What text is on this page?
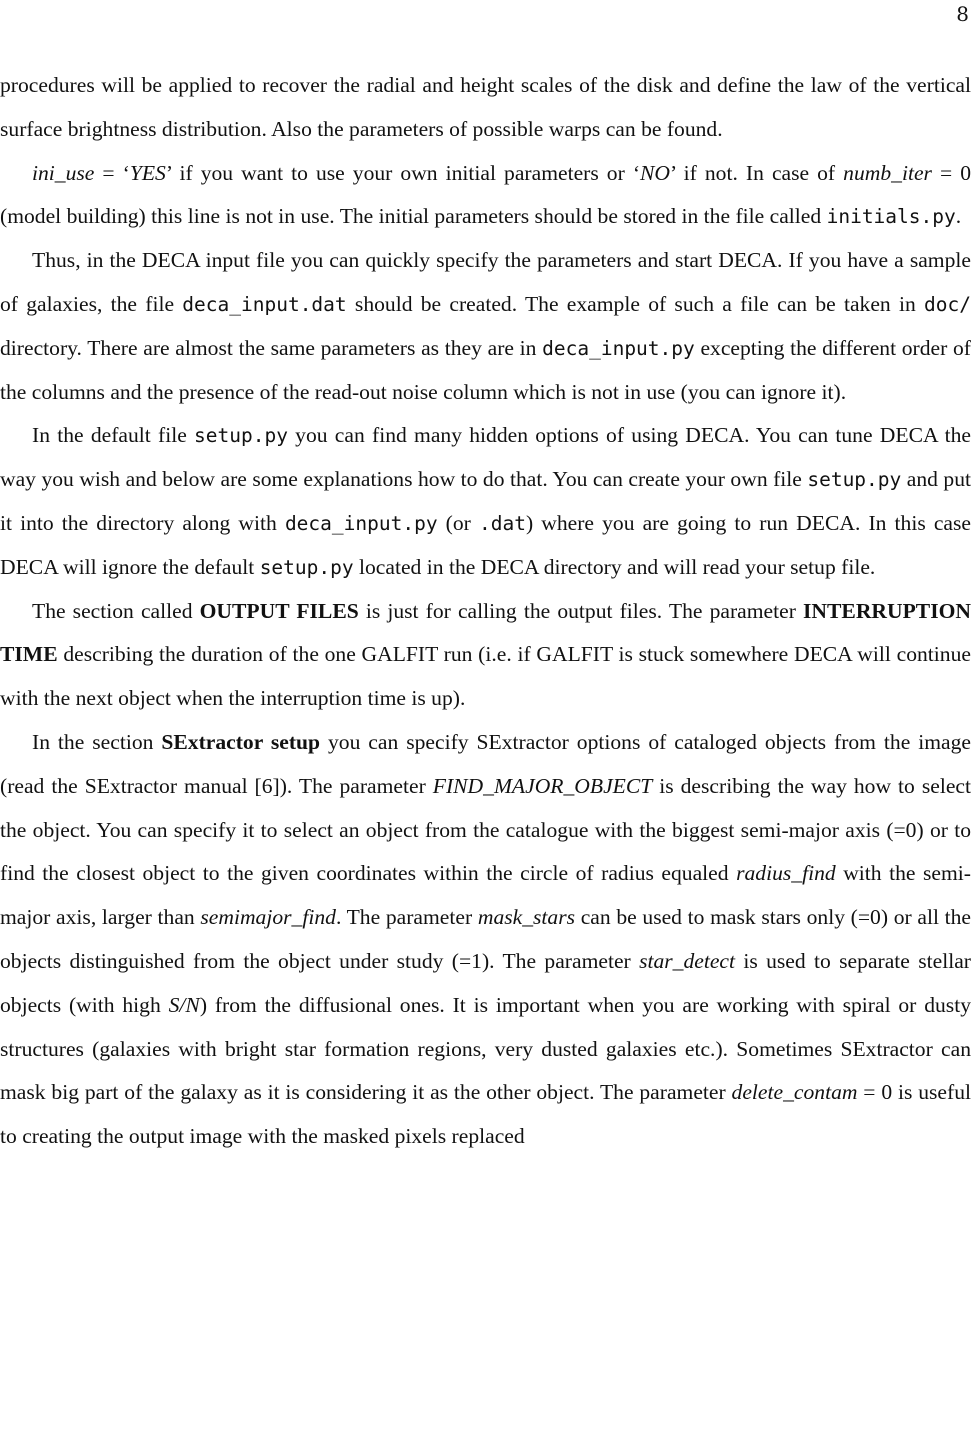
8

procedures will be applied to recover the radial and height scales of the disk and define the law of the vertical surface brightness distribution. Also the parameters of possible warps can be found.

ini_use = ‘YES’ if you want to use your own initial parameters or ‘NO’ if not. In case of numb_iter = 0 (model building) this line is not in use. The initial parameters should be stored in the file called initials.py.

Thus, in the DECA input file you can quickly specify the parameters and start DECA. If you have a sample of galaxies, the file deca_input.dat should be created. The example of such a file can be taken in doc/ directory. There are almost the same parameters as they are in deca_input.py excepting the different order of the columns and the presence of the read-out noise column which is not in use (you can ignore it).

In the default file setup.py you can find many hidden options of using DECA. You can tune DECA the way you wish and below are some explanations how to do that. You can create your own file setup.py and put it into the directory along with deca_input.py (or .dat) where you are going to run DECA. In this case DECA will ignore the default setup.py located in the DECA directory and will read your setup file.

The section called OUTPUT FILES is just for calling the output files. The parameter INTERRUPTION TIME describing the duration of the one GALFIT run (i.e. if GALFIT is stuck somewhere DECA will continue with the next object when the interruption time is up).

In the section SExtractor setup you can specify SExtractor options of cataloged objects from the image (read the SExtractor manual [6]). The parameter FIND_MAJOR_OBJECT is describing the way how to select the object. You can specify it to select an object from the catalogue with the biggest semi-major axis (=0) or to find the closest object to the given coordinates within the circle of radius equaled radius_find with the semi-major axis, larger than semimajor_find. The parameter mask_stars can be used to mask stars only (=0) or all the objects distinguished from the object under study (=1). The parameter star_detect is used to separate stellar objects (with high S/N) from the diffusional ones. It is important when you are working with spiral or dusty structures (galaxies with bright star formation regions, very dusted galaxies etc.). Sometimes SExtractor can mask big part of the galaxy as it is considering it as the other object. The parameter delete_contam = 0 is useful to creating the output image with the masked pixels replaced
